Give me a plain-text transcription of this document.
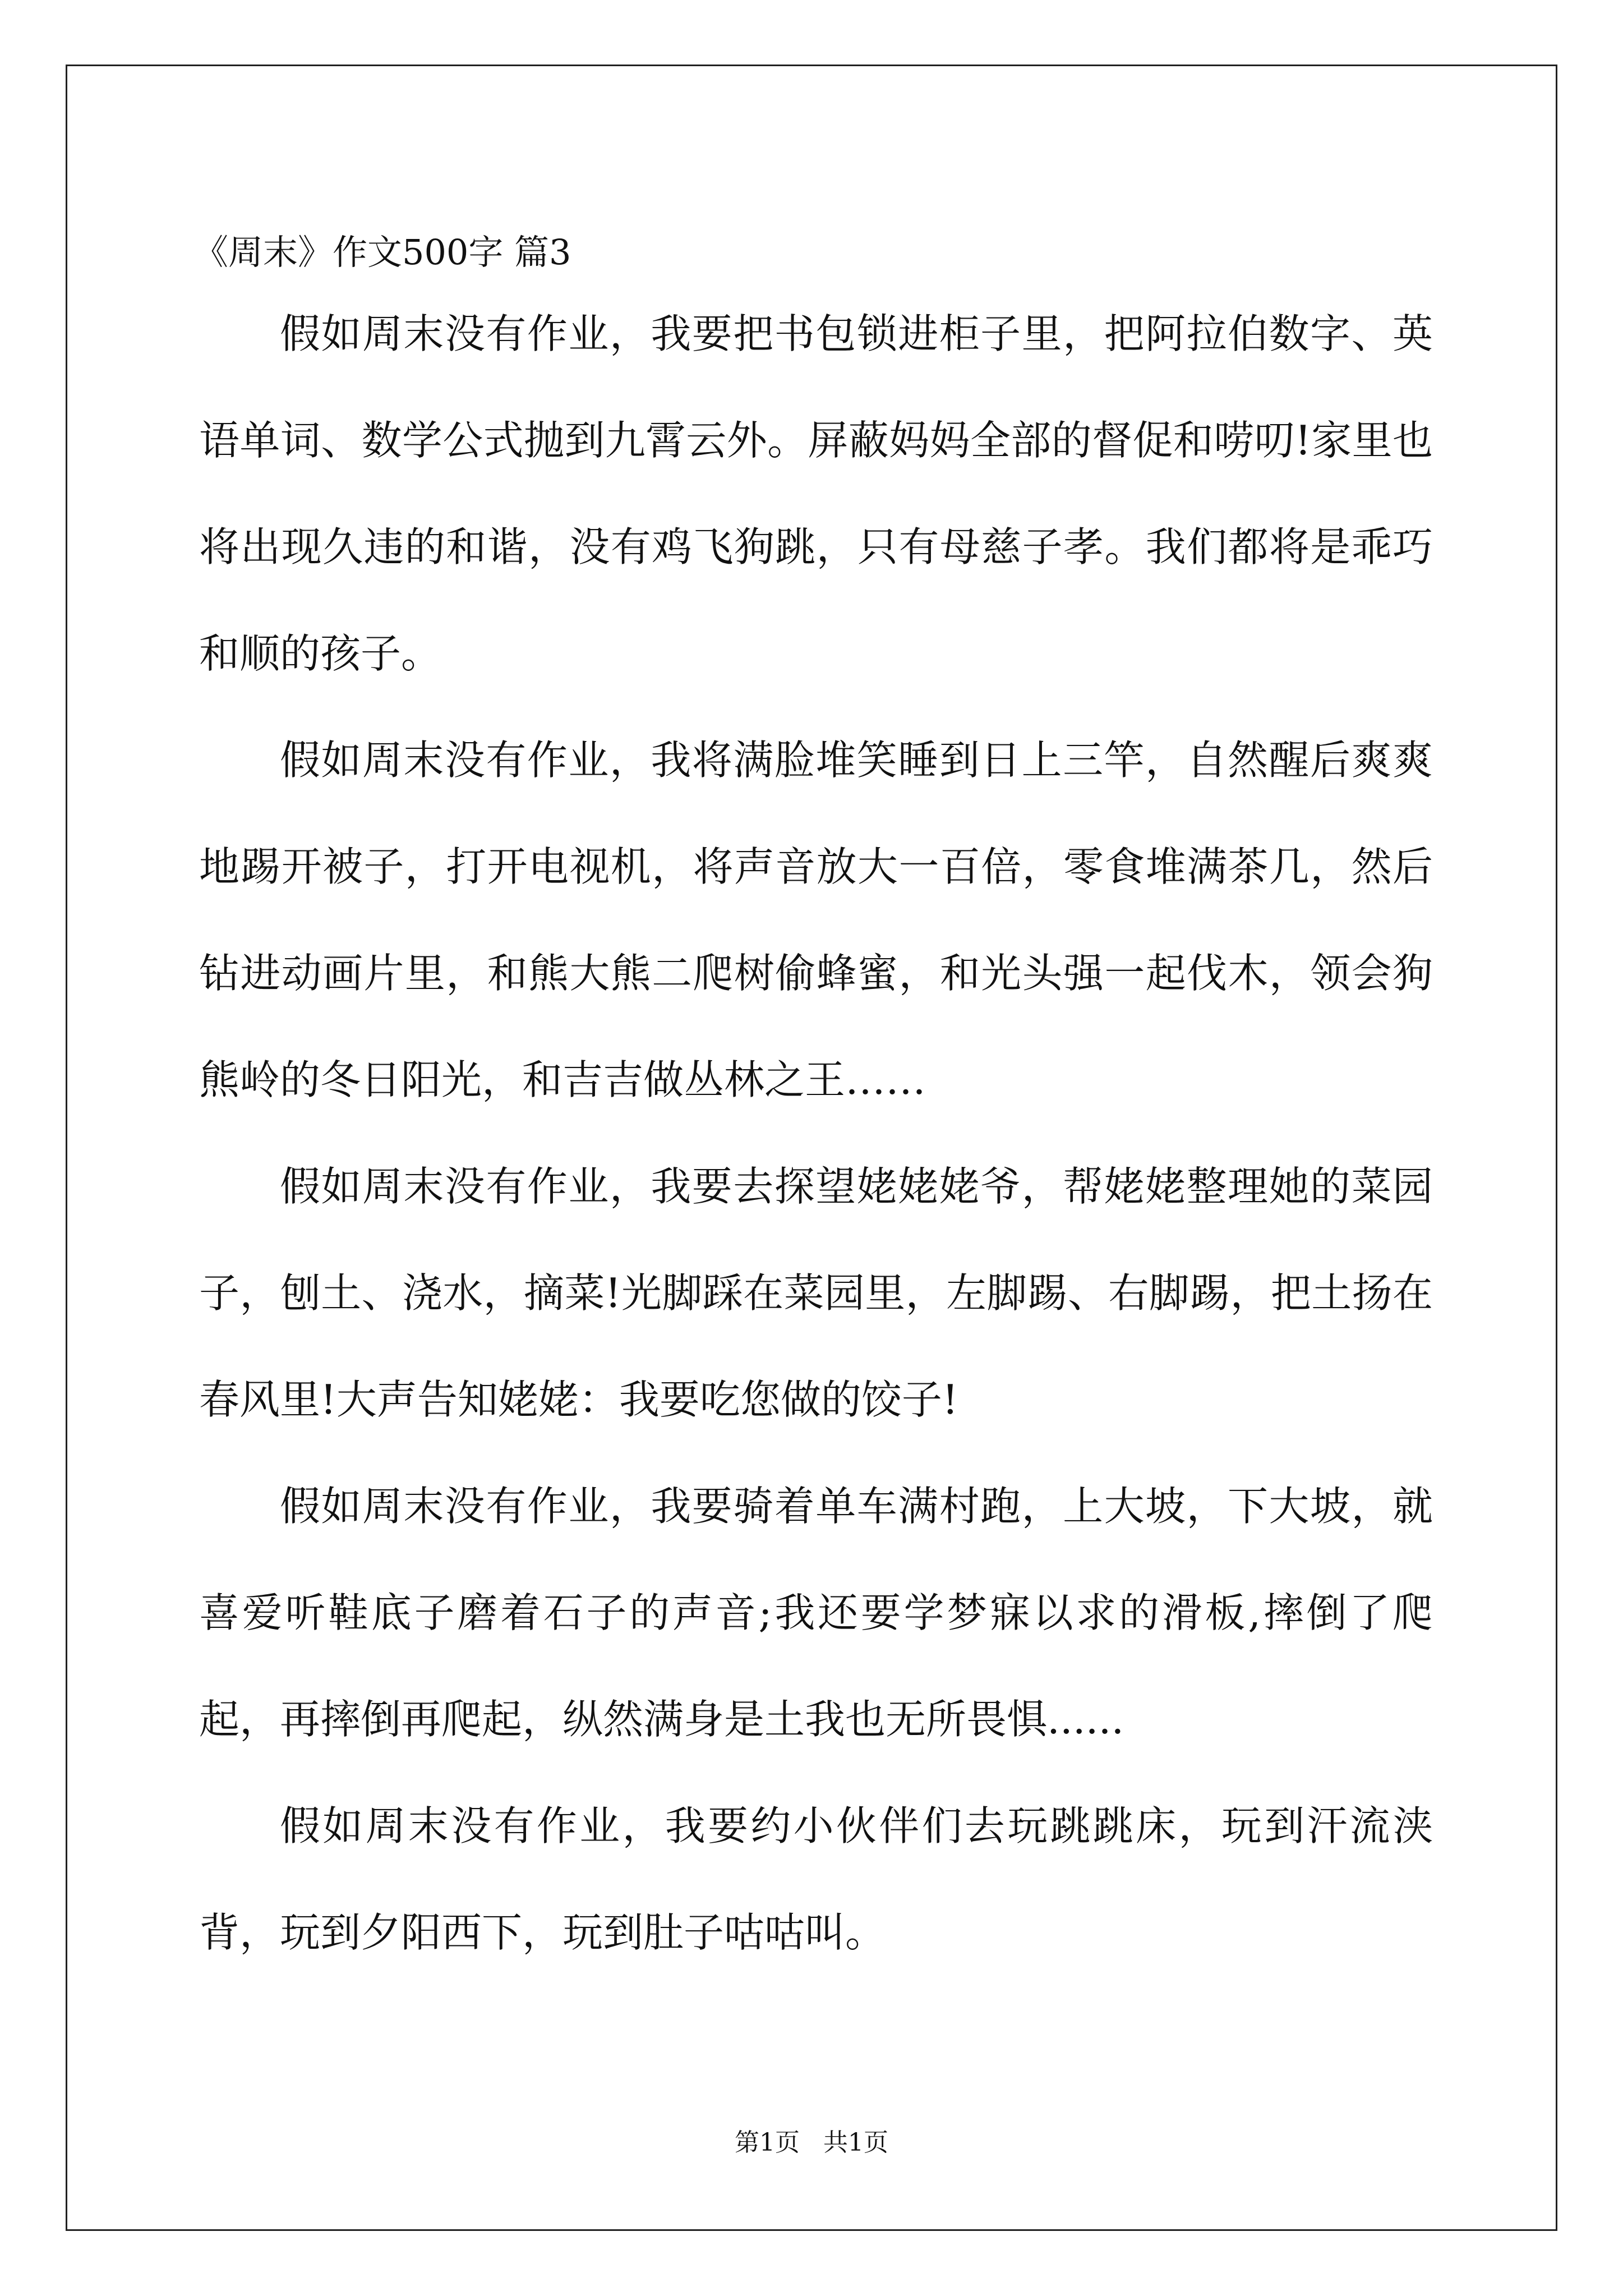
《周末》作文500字 篇3

假如周末没有作业，我要把书包锁进柜子里，把阿拉伯数字、英语单词、数学公式抛到九霄云外。屏蔽妈妈全部的督促和唠叨!家里也将出现久违的和谐，没有鸡飞狗跳，只有母慈子孝。我们都将是乖巧和顺的孩子。

假如周末没有作业，我将满脸堆笑睡到日上三竿，自然醒后爽爽地踢开被子，打开电视机，将声音放大一百倍，零食堆满茶几，然后钻进动画片里，和熊大熊二爬树偷蜂蜜，和光头强一起伐木，领会狗熊岭的冬日阳光，和吉吉做丛林之王……

假如周末没有作业，我要去探望姥姥姥爷，帮姥姥整理她的菜园子，刨土、浇水，摘菜!光脚踩在菜园里，左脚踢、右脚踢，把土扬在春风里!大声告知姥姥：我要吃您做的饺子!

假如周末没有作业，我要骑着单车满村跑，上大坡，下大坡，就喜爱听鞋底子磨着石子的声音;我还要学梦寐以求的滑板,摔倒了爬起，再摔倒再爬起，纵然满身是土我也无所畏惧......

假如周末没有作业，我要约小伙伴们去玩跳跳床，玩到汗流浃背，玩到夕阳西下，玩到肚子咕咕叫。

第1页   共1页
